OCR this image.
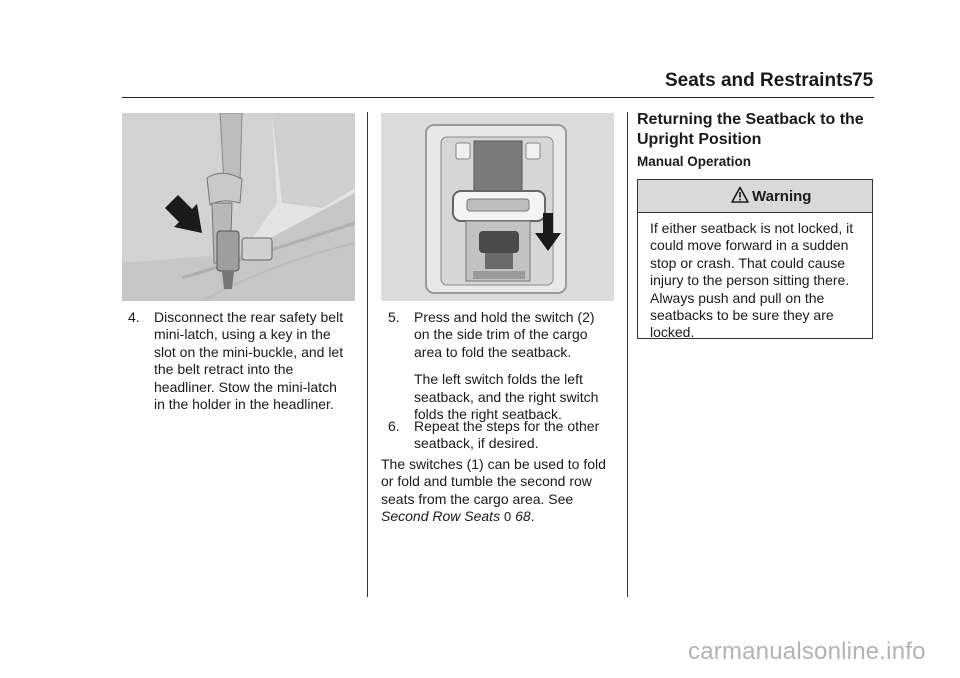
Seats and Restraints 75
4. Disconnect the rear safety belt
mini-latch, using a key in the
slot on the mini-buckle, and let
the belt retract into the
headliner. Stow the mini-latch
in the holder in the headliner.
5. Press and hold the switch (2)
on the side trim of the cargo
area to fold the seatback.
The left switch folds the left
seatback, and the right switch
folds the right seatback.
6. Repeat the steps for the other
seatback, if desired.
The switches (1) can be used to fold
or fold and tumble the second row
seats from the cargo area. See
Second Row Seats 0 68.
Returning the Seatback to the
Upright Position
Manual Operation
Warning
If either seatback is not locked, it
could move forward in a sudden
stop or crash. That could cause
injury to the person sitting there.
Always push and pull on the
seatbacks to be sure they are
locked.
carmanualsonline.info
